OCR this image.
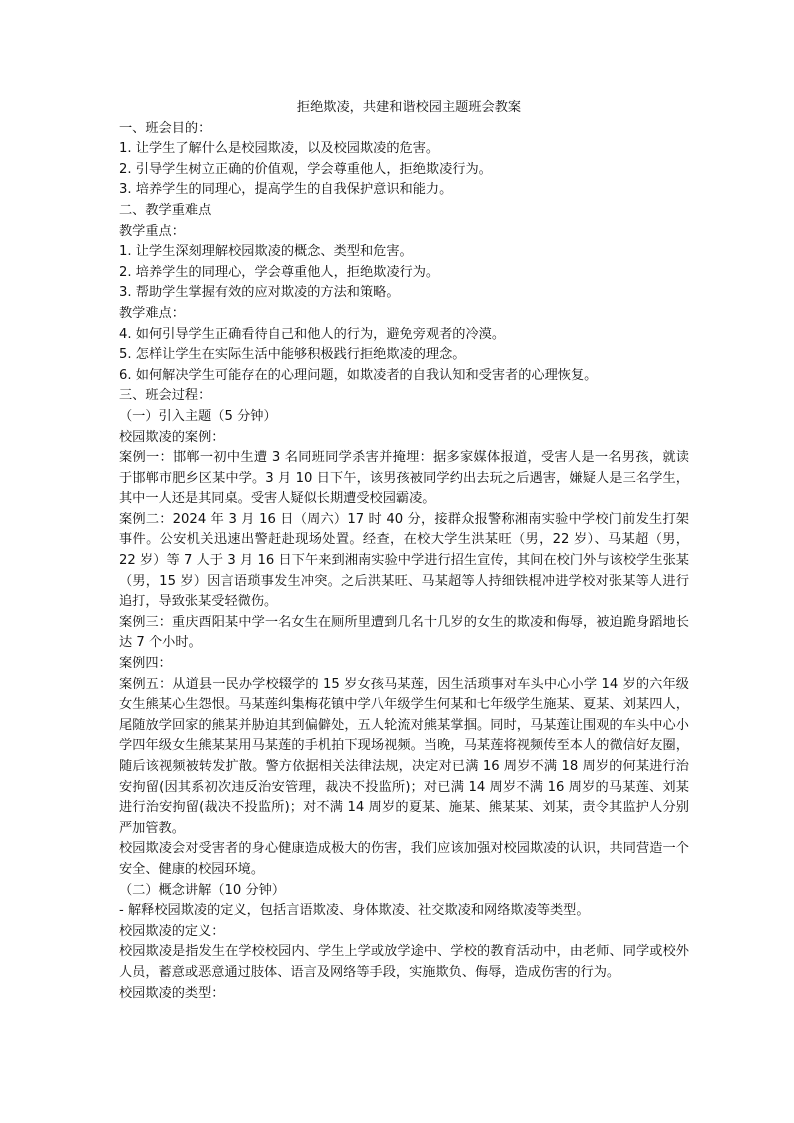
拒绝欺凌，共建和谐校园主题班会教案
一、班会目的：
1. 让学生了解什么是校园欺凌，以及校园欺凌的危害。
2. 引导学生树立正确的价值观，学会尊重他人，拒绝欺凌行为。
3. 培养学生的同理心，提高学生的自我保护意识和能力。
二、教学重难点
教学重点：
1. 让学生深刻理解校园欺凌的概念、类型和危害。
2. 培养学生的同理心，学会尊重他人，拒绝欺凌行为。
3. 帮助学生掌握有效的应对欺凌的方法和策略。
教学难点：
4. 如何引导学生正确看待自己和他人的行为，避免旁观者的冷漠。
5. 怎样让学生在实际生活中能够积极践行拒绝欺凌的理念。
6. 如何解决学生可能存在的心理问题，如欺凌者的自我认知和受害者的心理恢复。
三、班会过程：
（一）引入主题（5 分钟）
校园欺凌的案例：
案例一：邯郸一初中生遭 3 名同班同学杀害并掩埋：据多家媒体报道，受害人是一名男孩，就读于邯郸市肥乡区某中学。3 月 10 日下午，该男孩被同学约出去玩之后遇害，嫌疑人是三名学生，其中一人还是其同桌。受害人疑似长期遭受校园霸凌。
案例二：2024 年 3 月 16 日（周六）17 时 40 分，接群众报警称湘南实验中学校门前发生打架事件。公安机关迅速出警赶赴现场处置。经查，在校大学生洪某旺（男，22 岁）、马某超（男，22 岁）等 7 人于 3 月 16 日下午来到湘南实验中学进行招生宣传，其间在校门外与该校学生张某（男，15 岁）因言语琐事发生冲突。之后洪某旺、马某超等人持细铁棍冲进学校对张某等人进行追打，导致张某受轻微伤。
案例三：重庆酉阳某中学一名女生在厕所里遭到几名十几岁的女生的欺凌和侮辱，被迫跪身蹈地长达 7 个小时。
案例四：
案例五：从道县一民办学校辍学的 15 岁女孩马某莲，因生活琐事对车头中心小学 14 岁的六年级女生熊某心生怨恨。马某莲纠集梅花镇中学八年级学生何某和七年级学生施某、夏某、刘某四人，尾随放学回家的熊某并胁迫其到偏僻处，五人轮流对熊某掌掴。同时，马某莲让围观的车头中心小学四年级女生熊某某用马某莲的手机拍下现场视频。当晚，马某莲将视频传至本人的微信好友圈，随后该视频被转发扩散。警方依据相关法律法规，决定对已满 16 周岁不满 18 周岁的何某进行治安拘留(因其系初次违反治安管理，裁决不投监所)；对已满 14 周岁不满 16 周岁的马某莲、刘某进行治安拘留(裁决不投监所)；对不满 14 周岁的夏某、施某、熊某某、刘某，责令其监护人分别严加管教。
校园欺凌会对受害者的身心健康造成极大的伤害，我们应该加强对校园欺凌的认识，共同营造一个安全、健康的校园环境。
（二）概念讲解（10 分钟）
- 解释校园欺凌的定义，包括言语欺凌、身体欺凌、社交欺凌和网络欺凌等类型。
校园欺凌的定义：
校园欺凌是指发生在学校校园内、学生上学或放学途中、学校的教育活动中，由老师、同学或校外人员，蓄意或恶意通过肢体、语言及网络等手段，实施欺负、侮辱，造成伤害的行为。
校园欺凌的类型：
